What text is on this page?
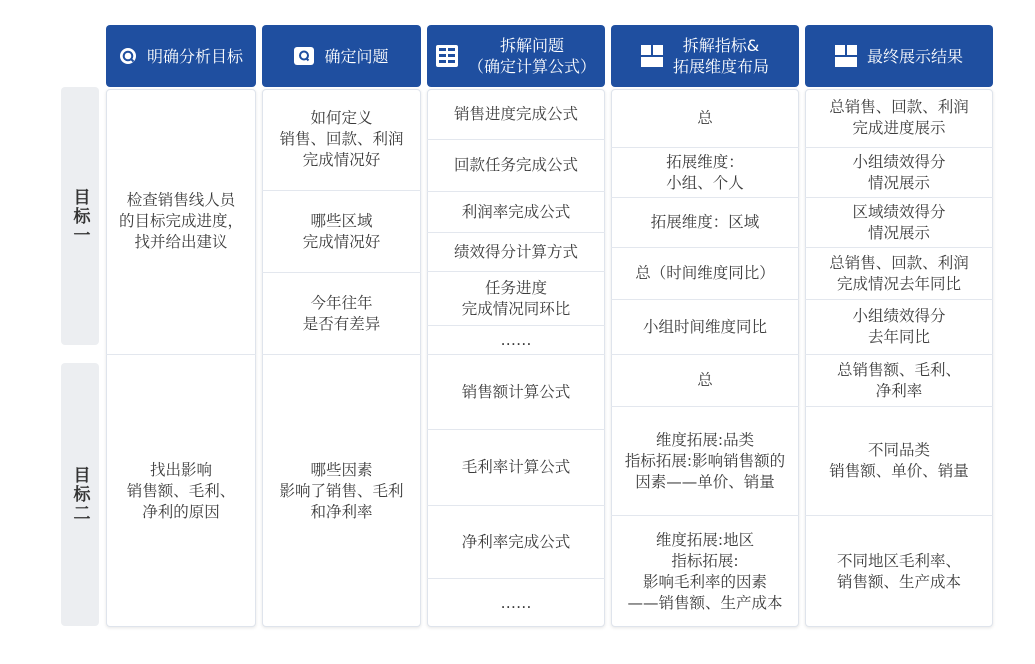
明确分析目标	确定问题
拆解问题
（确定计算公式）
拆解指标&
拓展维度布局
最终展示结果
目标一
目标二
检查销售线人员
的目标完成进度，
找并给出建议
找出影响
销售额、毛利、
净利的原因
如何定义
销售、回款、利润
完成情况好
哪些区域
完成情况好
今年往年
是否有差异
哪些因素
影响了销售、毛利
和净利率
销售进度完成公式
回款任务完成公式
利润率完成公式
绩效得分计算方式
任务进度
完成情况同环比
……
销售额计算公式
毛利率计算公式
净利率完成公式
……
总
拓展维度：
小组、个人
拓展维度：区域
总（时间维度同比）
小组时间维度同比
总
维度拓展:品类
指标拓展:影响销售额的
因素——单价、销量
维度拓展:地区
指标拓展:
影响毛利率的因素
——销售额、生产成本
总销售、回款、利润
完成进度展示
小组绩效得分
情况展示
区域绩效得分
情况展示
总销售、回款、利润
完成情况去年同比
小组绩效得分
去年同比
总销售额、毛利、
净利率
不同品类
销售额、单价、销量
不同地区毛利率、
销售额、生产成本
